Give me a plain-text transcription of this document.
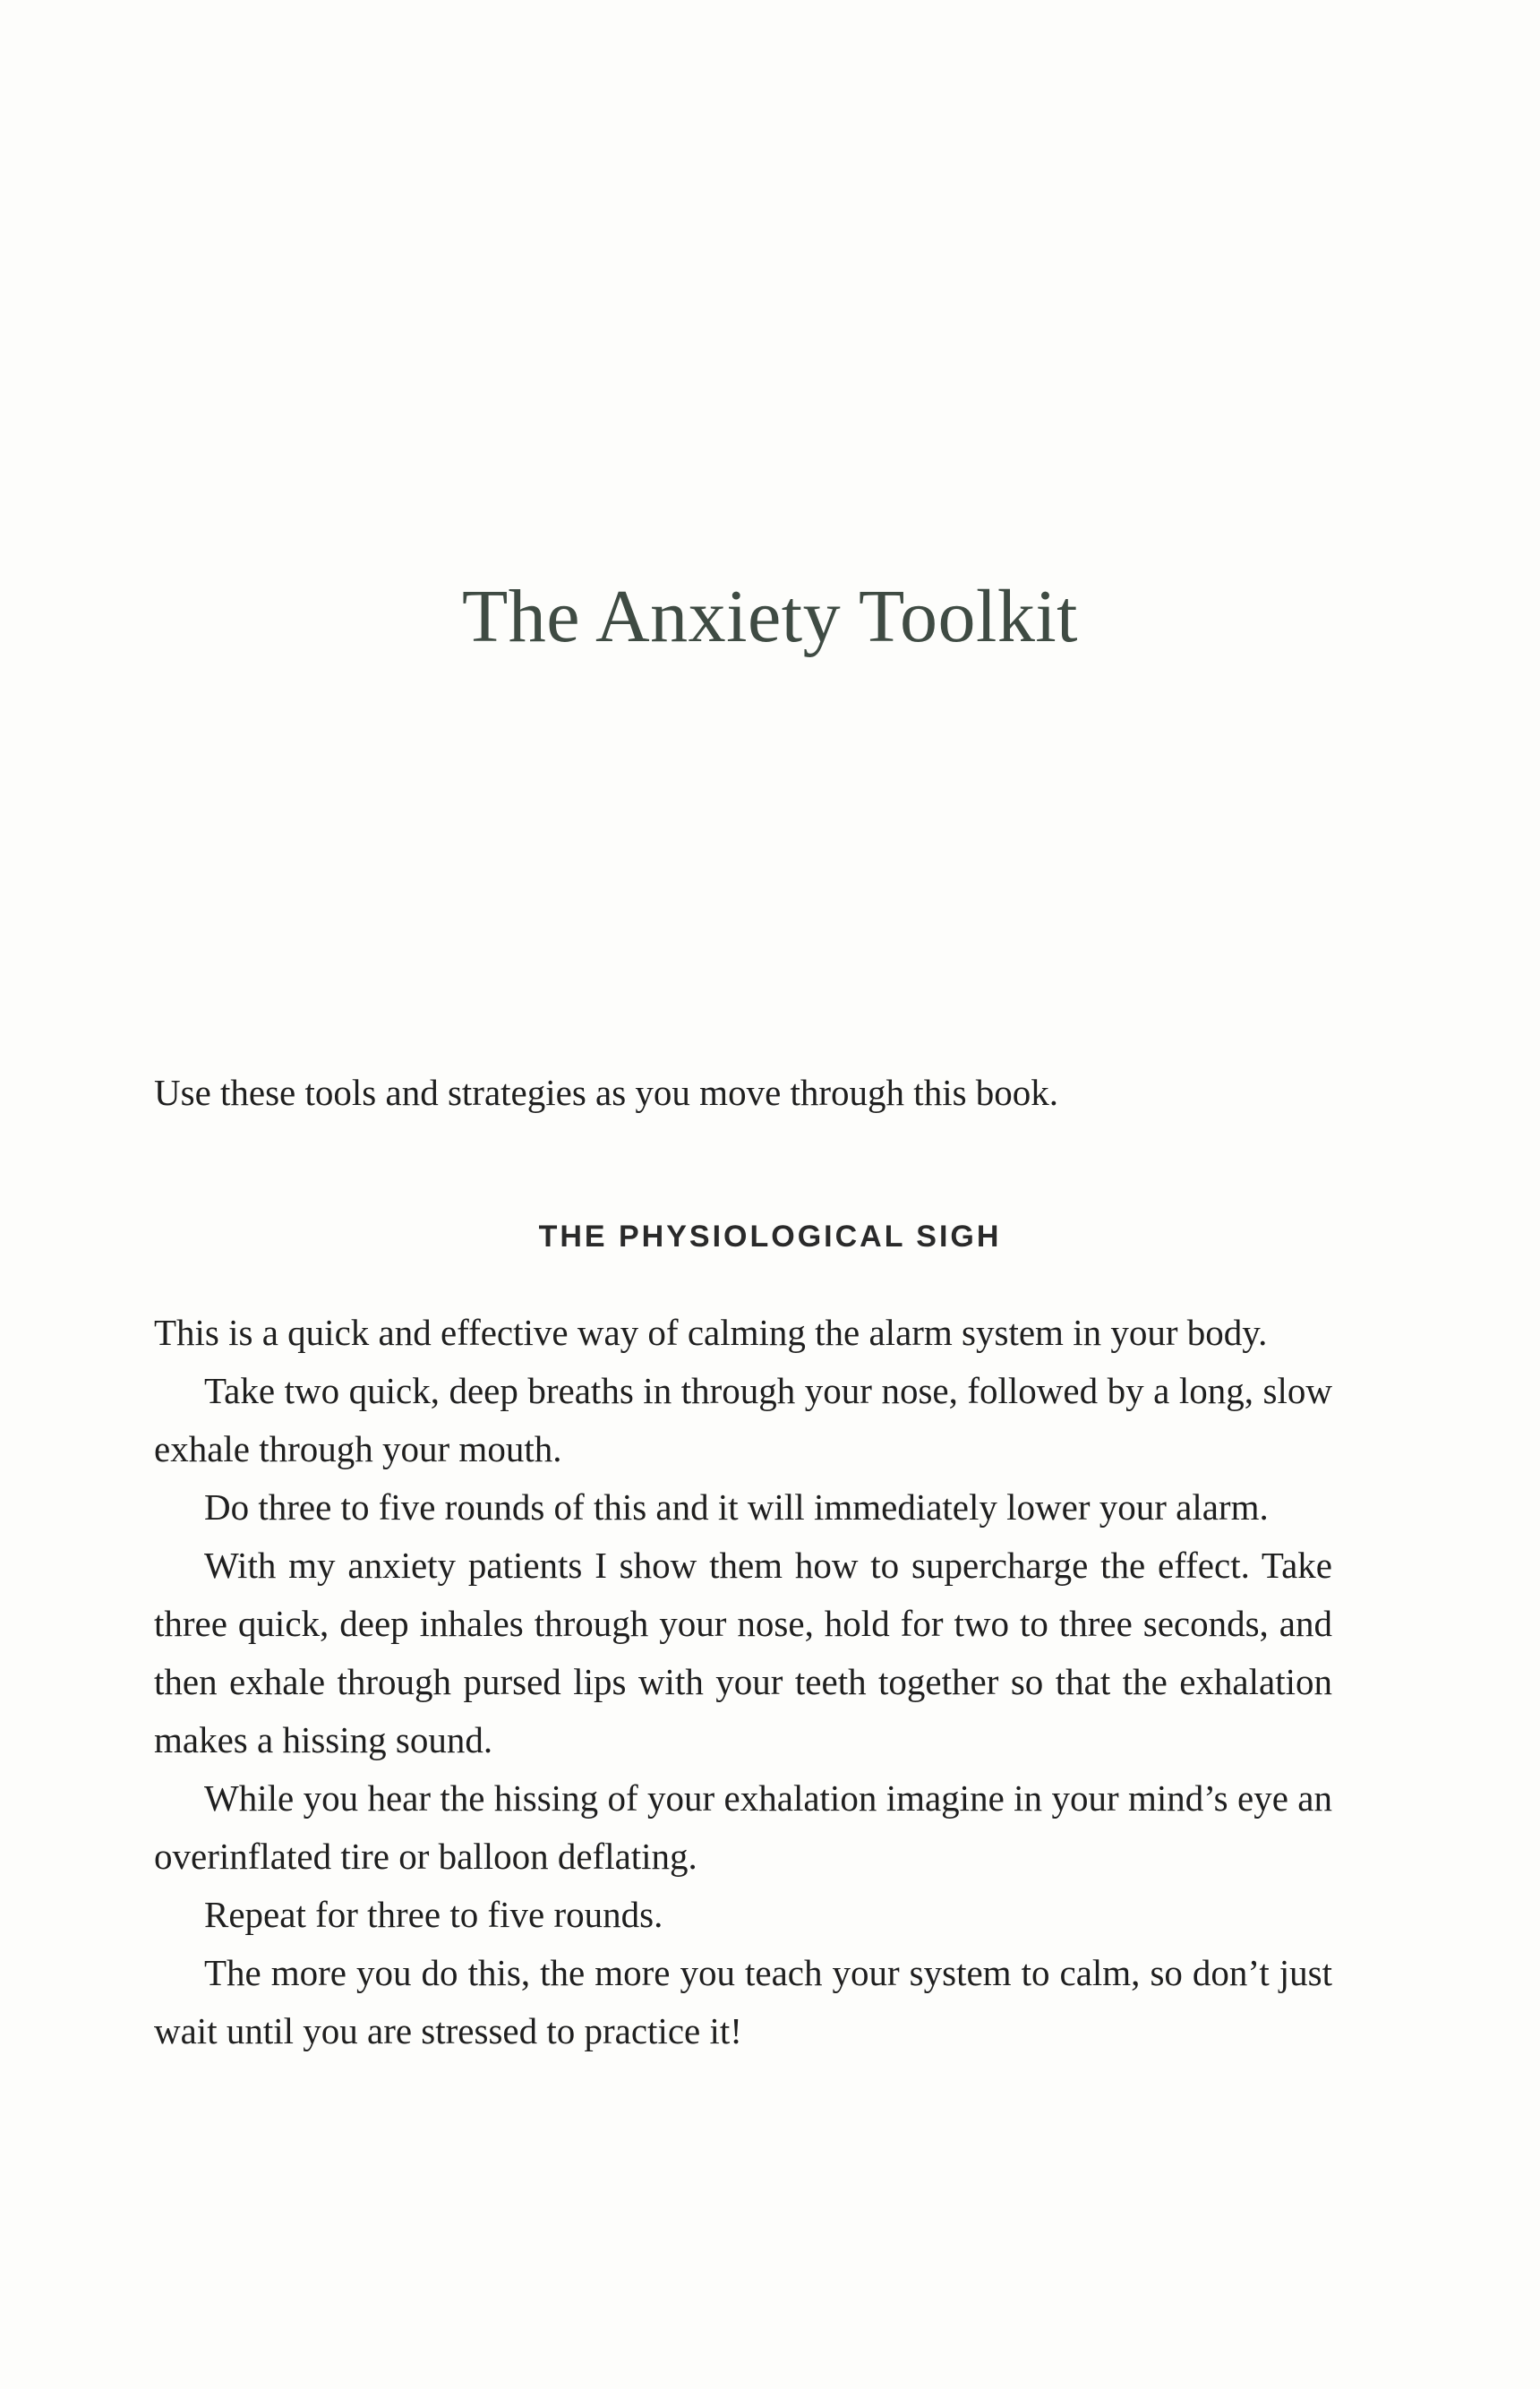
The Anxiety Toolkit

Use these tools and strategies as you move through this book.

THE PHYSIOLOGICAL SIGH

This is a quick and effective way of calming the alarm system in your body.

Take two quick, deep breaths in through your nose, followed by a long, slow exhale through your mouth.

Do three to five rounds of this and it will immediately lower your alarm.

With my anxiety patients I show them how to supercharge the effect. Take three quick, deep inhales through your nose, hold for two to three seconds, and then exhale through pursed lips with your teeth together so that the exhalation makes a hissing sound.

While you hear the hissing of your exhalation imagine in your mind’s eye an overinflated tire or balloon deflating.

Repeat for three to five rounds.

The more you do this, the more you teach your system to calm, so don’t just wait until you are stressed to practice it!
